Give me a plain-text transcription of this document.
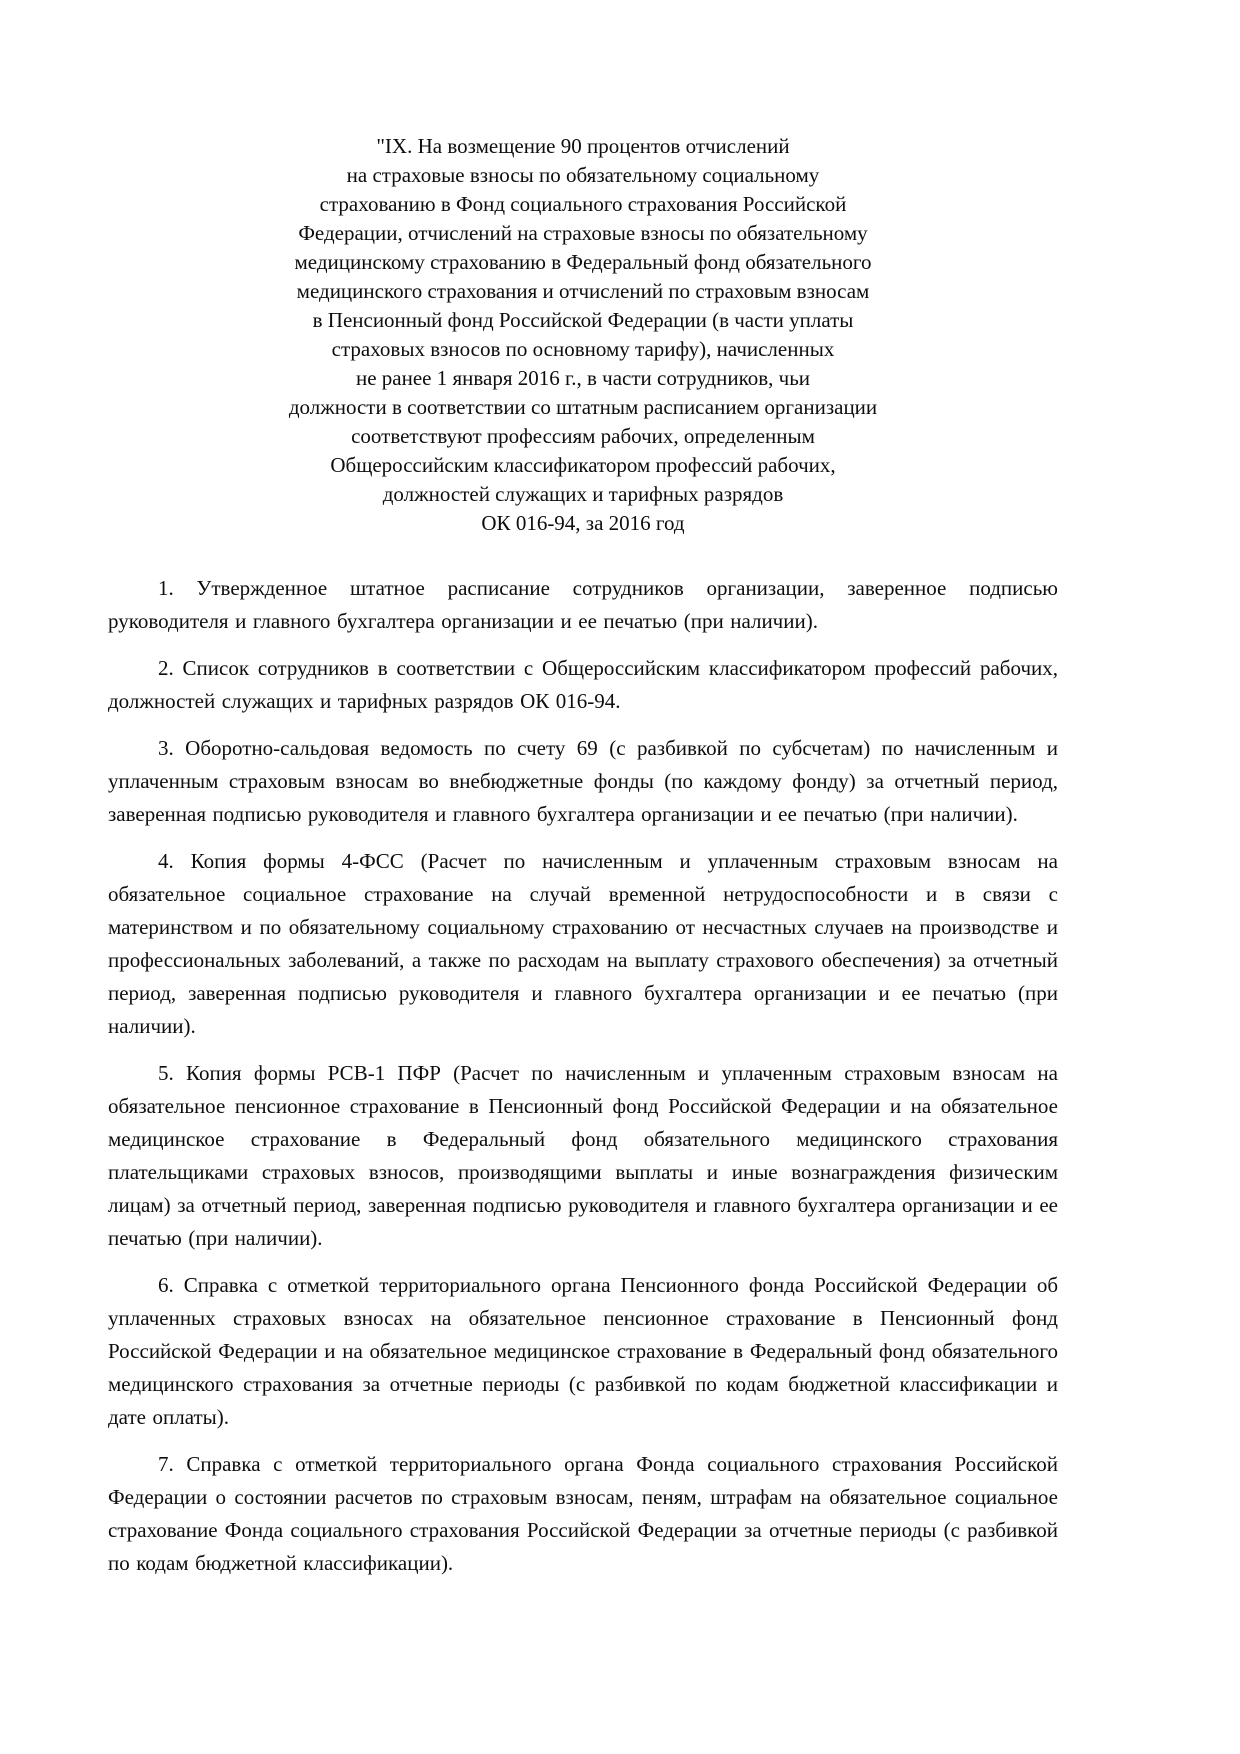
"IX. На возмещение 90 процентов отчислений
на страховые взносы по обязательному социальному
страхованию в Фонд социального страхования Российской
Федерации, отчислений на страховые взносы по обязательному
медицинскому страхованию в Федеральный фонд обязательного
медицинского страхования и отчислений по страховым взносам
в Пенсионный фонд Российской Федерации (в части уплаты
страховых взносов по основному тарифу), начисленных
не ранее 1 января 2016 г., в части сотрудников, чьи
должности в соответствии со штатным расписанием организации
соответствуют профессиям рабочих, определенным
Общероссийским классификатором профессий рабочих,
должностей служащих и тарифных разрядов
ОК 016-94, за 2016 год

1. Утвержденное штатное расписание сотрудников организации, заверенное подписью руководителя и главного бухгалтера организации и ее печатью (при наличии).

2. Список сотрудников в соответствии с Общероссийским классификатором профессий рабочих, должностей служащих и тарифных разрядов ОК 016-94.

3. Оборотно-сальдовая ведомость по счету 69 (с разбивкой по субсчетам) по начисленным и уплаченным страховым взносам во внебюджетные фонды (по каждому фонду) за отчетный период, заверенная подписью руководителя и главного бухгалтера организации и ее печатью (при наличии).

4. Копия формы 4-ФСС (Расчет по начисленным и уплаченным страховым взносам на обязательное социальное страхование на случай временной нетрудоспособности и в связи с материнством и по обязательному социальному страхованию от несчастных случаев на производстве и профессиональных заболеваний, а также по расходам на выплату страхового обеспечения) за отчетный период, заверенная подписью руководителя и главного бухгалтера организации и ее печатью (при наличии).

5. Копия формы РСВ-1 ПФР (Расчет по начисленным и уплаченным страховым взносам на обязательное пенсионное страхование в Пенсионный фонд Российской Федерации и на обязательное медицинское страхование в Федеральный фонд обязательного медицинского страхования плательщиками страховых взносов, производящими выплаты и иные вознаграждения физическим лицам) за отчетный период, заверенная подписью руководителя и главного бухгалтера организации и ее печатью (при наличии).

6. Справка с отметкой территориального органа Пенсионного фонда Российской Федерации об уплаченных страховых взносах на обязательное пенсионное страхование в Пенсионный фонд Российской Федерации и на обязательное медицинское страхование в Федеральный фонд обязательного медицинского страхования за отчетные периоды (с разбивкой по кодам бюджетной классификации и дате оплаты).

7. Справка с отметкой территориального органа Фонда социального страхования Российской Федерации о состоянии расчетов по страховым взносам, пеням, штрафам на обязательное социальное страхование Фонда социального страхования Российской Федерации за отчетные периоды (с разбивкой по кодам бюджетной классификации).
